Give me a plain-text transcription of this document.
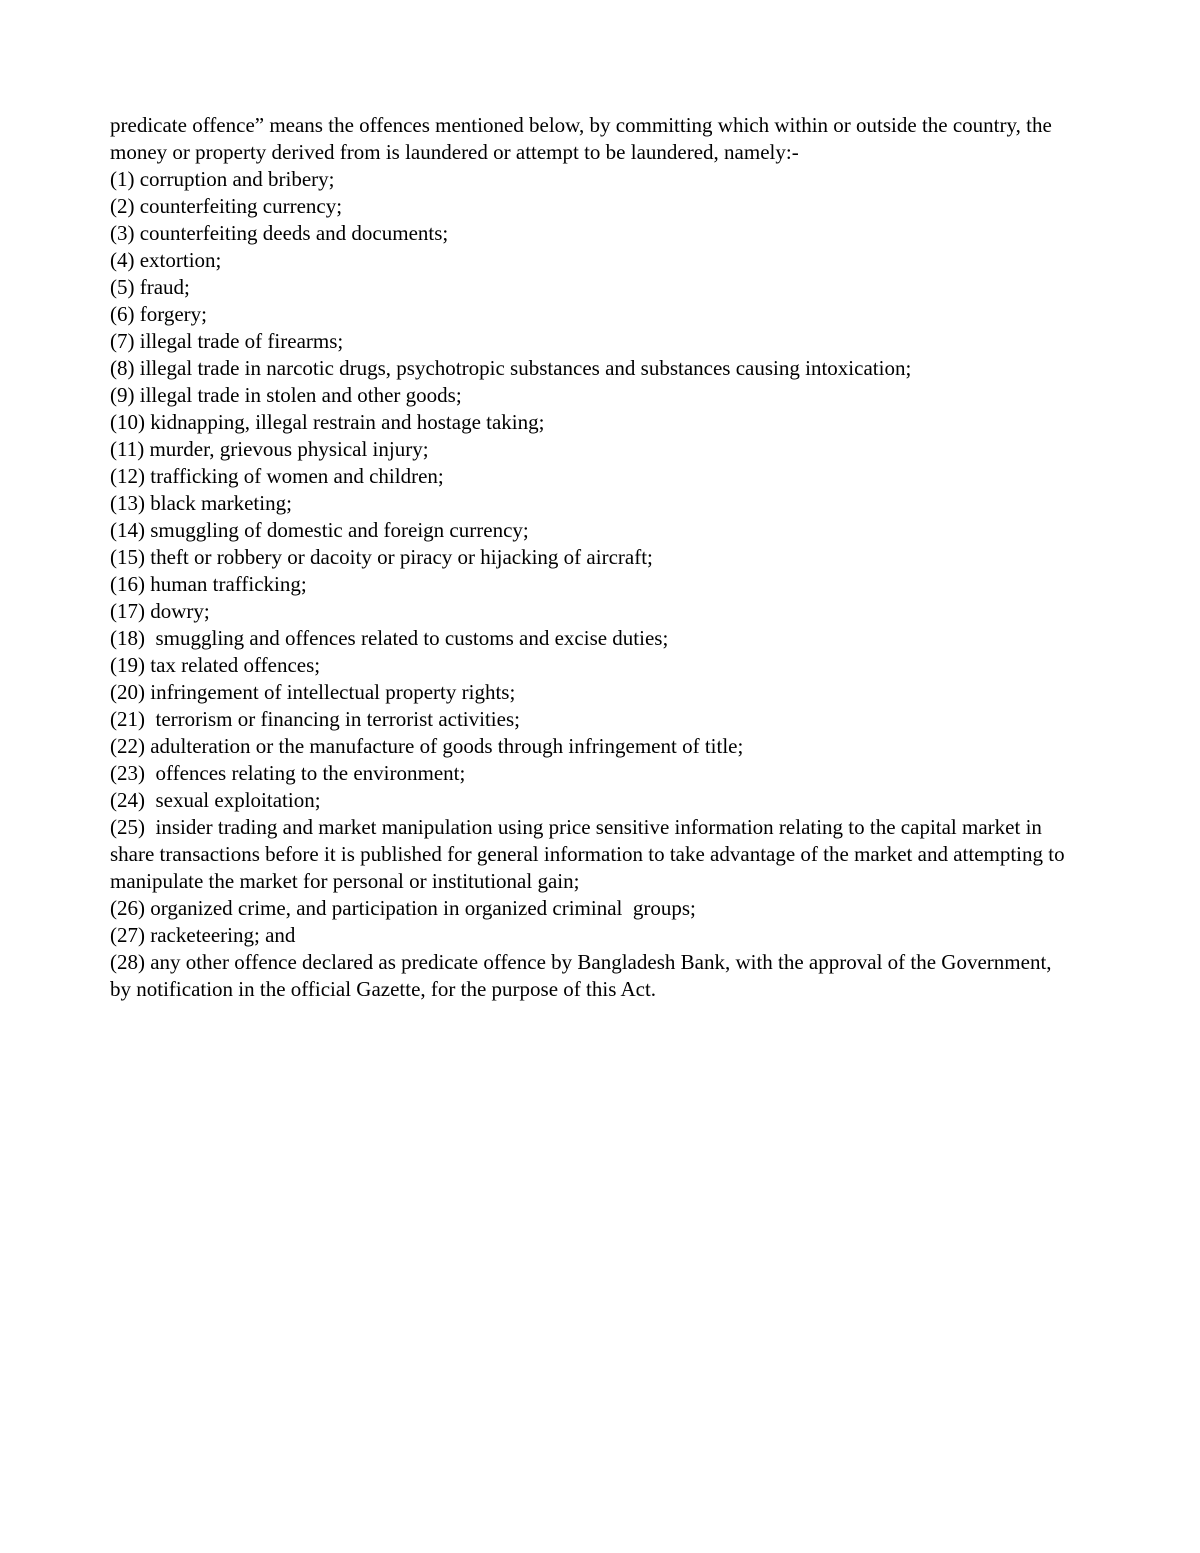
predicate offence” means the offences mentioned below, by committing which within or outside the country, the money or property derived from is laundered or attempt to be laundered, namely:-

(1) corruption and bribery;
(2) counterfeiting currency;
(3) counterfeiting deeds and documents;
(4) extortion;
(5) fraud;
(6) forgery;
(7) illegal trade of firearms;
(8) illegal trade in narcotic drugs, psychotropic substances and substances causing intoxication;
(9) illegal trade in stolen and other goods;
(10) kidnapping, illegal restrain and hostage taking;
(11) murder, grievous physical injury;
(12) trafficking of women and children;
(13) black marketing;
(14) smuggling of domestic and foreign currency;
(15) theft or robbery or dacoity or piracy or hijacking of aircraft;
(16) human trafficking;
(17) dowry;
(18)  smuggling and offences related to customs and excise duties;
(19) tax related offences;
(20) infringement of intellectual property rights;
(21)  terrorism or financing in terrorist activities;
(22) adulteration or the manufacture of goods through infringement of title;
(23)  offences relating to the environment;
(24)  sexual exploitation;
(25)  insider trading and market manipulation using price sensitive information relating to the capital market in share transactions before it is published for general information to take advantage of the market and attempting to manipulate the market for personal or institutional gain;
(26) organized crime, and participation in organized criminal  groups;
(27) racketeering; and
(28) any other offence declared as predicate offence by Bangladesh Bank, with the approval of the Government, by notification in the official Gazette, for the purpose of this Act.
